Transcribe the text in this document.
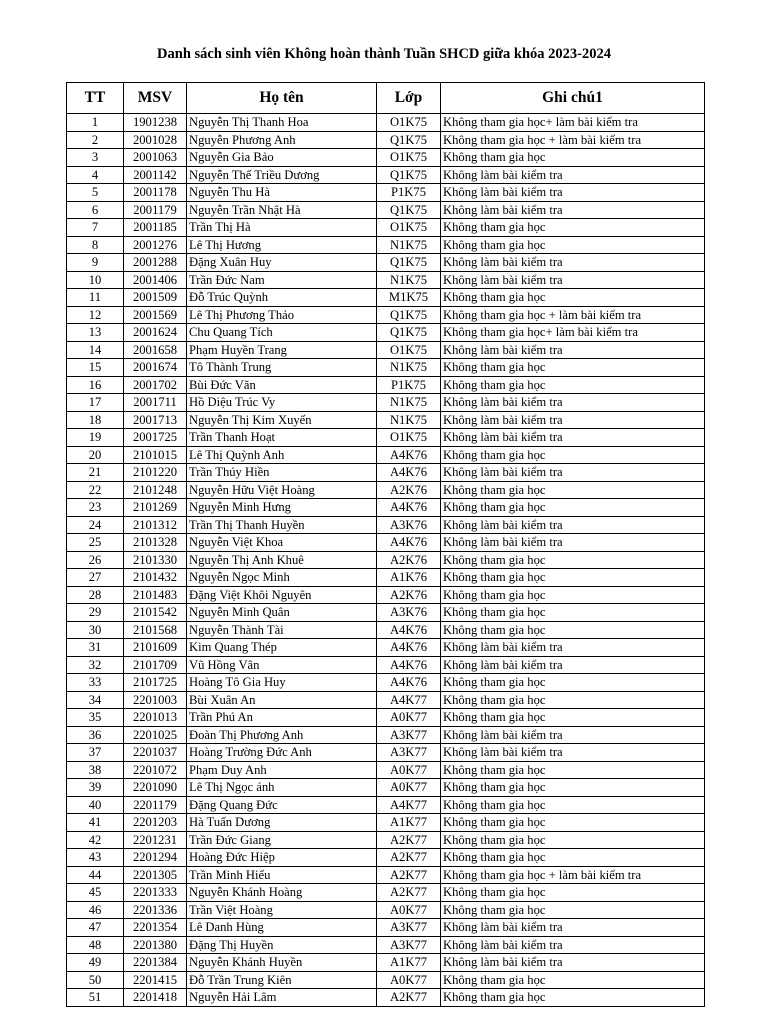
Danh sách sinh viên Không hoàn thành Tuần SHCD giữa khóa 2023-2024
TT	MSV	Họ tên	Lớp	Ghi chú1
1	1901238	Nguyễn Thị Thanh Hoa	O1K75	Không tham gia học+ làm bài kiểm tra
2	2001028	Nguyễn Phương Anh	Q1K75	Không tham gia học + làm bài kiểm tra
3	2001063	Nguyễn Gia Bảo	O1K75	Không tham gia học
4	2001142	Nguyễn Thế Triều Dương	Q1K75	Không làm bài kiểm tra
5	2001178	Nguyễn Thu Hà	P1K75	Không làm bài kiểm tra
6	2001179	Nguyễn Trần Nhật Hà	Q1K75	Không làm bài kiểm tra
7	2001185	Trần Thị Hà	O1K75	Không tham gia học
8	2001276	Lê Thị Hương	N1K75	Không tham gia học
9	2001288	Đặng Xuân Huy	Q1K75	Không làm bài kiểm tra
10	2001406	Trần Đức Nam	N1K75	Không làm bài kiểm tra
11	2001509	Đỗ Trúc Quỳnh	M1K75	Không tham gia học
12	2001569	Lê Thị Phương Thảo	Q1K75	Không tham gia học + làm bài kiểm tra
13	2001624	Chu Quang Tích	Q1K75	Không tham gia học+ làm bài kiểm tra
14	2001658	Phạm Huyền Trang	O1K75	Không làm bài kiểm tra
15	2001674	Tô Thành Trung	N1K75	Không tham gia học
16	2001702	Bùi Đức Văn	P1K75	Không tham gia học
17	2001711	Hồ Diệu Trúc Vy	N1K75	Không làm bài kiểm tra
18	2001713	Nguyễn Thị Kim Xuyến	N1K75	Không làm bài kiểm tra
19	2001725	Trần Thanh Hoạt	O1K75	Không làm bài kiểm tra
20	2101015	Lê Thị Quỳnh Anh	A4K76	Không tham gia học
21	2101220	Trần Thúy Hiền	A4K76	Không làm bài kiểm tra
22	2101248	Nguyễn Hữu Việt Hoàng	A2K76	Không tham gia học
23	2101269	Nguyễn Minh Hưng	A4K76	Không tham gia học
24	2101312	Trần Thị Thanh Huyền	A3K76	Không làm bài kiểm tra
25	2101328	Nguyễn Việt Khoa	A4K76	Không làm bài kiểm tra
26	2101330	Nguyễn Thị Anh Khuê	A2K76	Không tham gia học
27	2101432	Nguyễn Ngọc Minh	A1K76	Không tham gia học
28	2101483	Đặng Việt Khôi Nguyên	A2K76	Không tham gia học
29	2101542	Nguyễn Minh Quân	A3K76	Không tham gia học
30	2101568	Nguyễn Thành Tài	A4K76	Không tham gia học
31	2101609	Kim Quang Thép	A4K76	Không làm bài kiểm tra
32	2101709	Vũ Hồng Vân	A4K76	Không làm bài kiểm tra
33	2101725	Hoàng Tô Gia Huy	A4K76	Không tham gia học
34	2201003	Bùi Xuân An	A4K77	Không tham gia học
35	2201013	Trần Phú An	A0K77	Không tham gia học
36	2201025	Đoàn Thị Phương Anh	A3K77	Không làm bài kiểm tra
37	2201037	Hoàng Trường Đức Anh	A3K77	Không làm bài kiểm tra
38	2201072	Phạm Duy Anh	A0K77	Không tham gia học
39	2201090	Lê Thị Ngọc ánh	A0K77	Không tham gia học
40	2201179	Đặng Quang Đức	A4K77	Không tham gia học
41	2201203	Hà Tuấn Dương	A1K77	Không tham gia học
42	2201231	Trần Đức Giang	A2K77	Không tham gia học
43	2201294	Hoàng Đức Hiệp	A2K77	Không tham gia học
44	2201305	Trần Minh Hiếu	A2K77	Không tham gia học + làm bài kiểm tra
45	2201333	Nguyễn Khánh Hoàng	A2K77	Không tham gia học
46	2201336	Trần Việt Hoàng	A0K77	Không tham gia học
47	2201354	Lê Danh Hùng	A3K77	Không làm bài kiểm tra
48	2201380	Đặng Thị Huyền	A3K77	Không làm bài kiểm tra
49	2201384	Nguyễn Khánh Huyền	A1K77	Không làm bài kiểm tra
50	2201415	Đỗ Trần Trung Kiên	A0K77	Không tham gia học
51	2201418	Nguyễn Hải Lâm	A2K77	Không tham gia học
